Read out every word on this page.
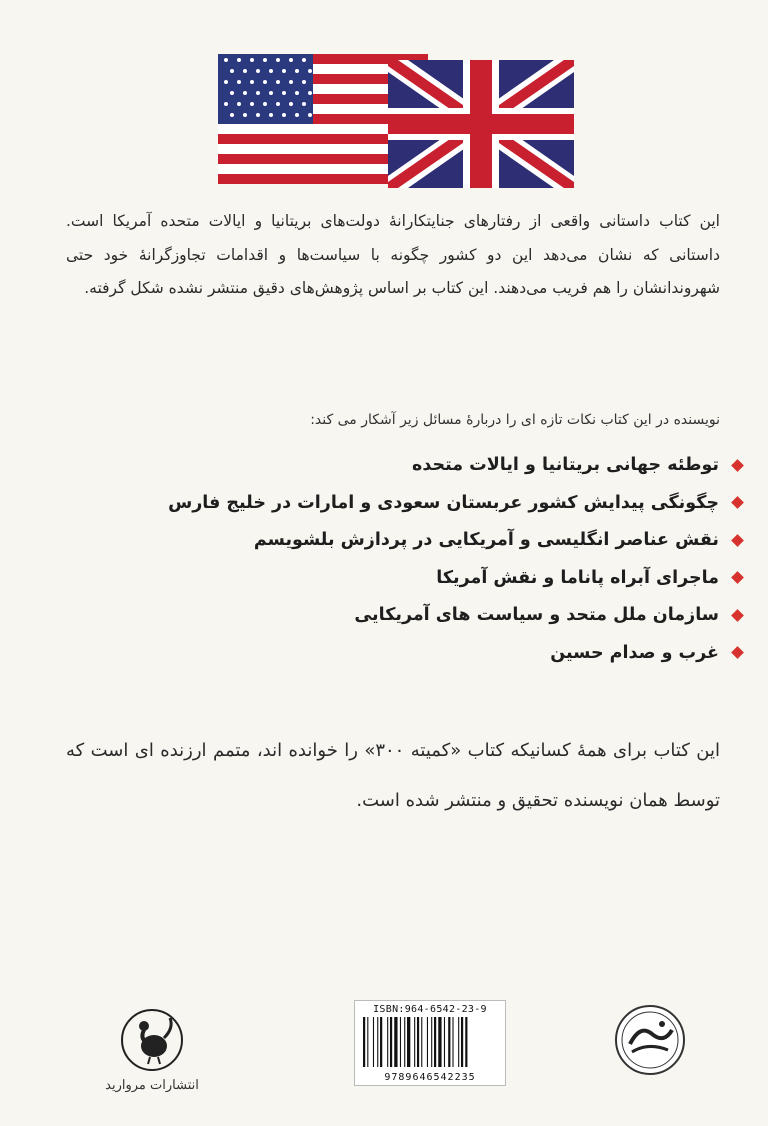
این کتاب داستانی واقعی از رفتارهای جنایتکارانهٔ دولت‌های بریتانیا و ایالات متحده آمریکا است. داستانی که نشان می‌دهد این دو کشور چگونه با سیاست‌ها و اقدامات تجاوزگرانهٔ خود حتی شهروندانشان را هم فریب می‌دهند. این کتاب بر اساس پژوهش‌های دقیق منتشر نشده شکل گرفته.
نویسنده در این کتاب نکات تازه ای را دربارهٔ مسائل زیر آشکار می کند:
توطئه جهانی بریتانیا و ایالات متحده
چگونگی پیدایش کشور عربستان سعودی و امارات در خلیج فارس
نقش عناصر انگلیسی و آمریکایی در پردازش بلشویسم
ماجرای آبراه پاناما و نقش آمریکا
سازمان ملل متحد و سیاست های آمریکایی
غرب و صدام حسین
این کتاب برای همهٔ کسانیکه کتاب «کمیته ۳۰۰» را خوانده اند، متمم ارزنده ای است که توسط همان نویسنده تحقیق و منتشر شده است.
انتشارات مروارید
ISBN:964-6542-23-9
9789646542235
